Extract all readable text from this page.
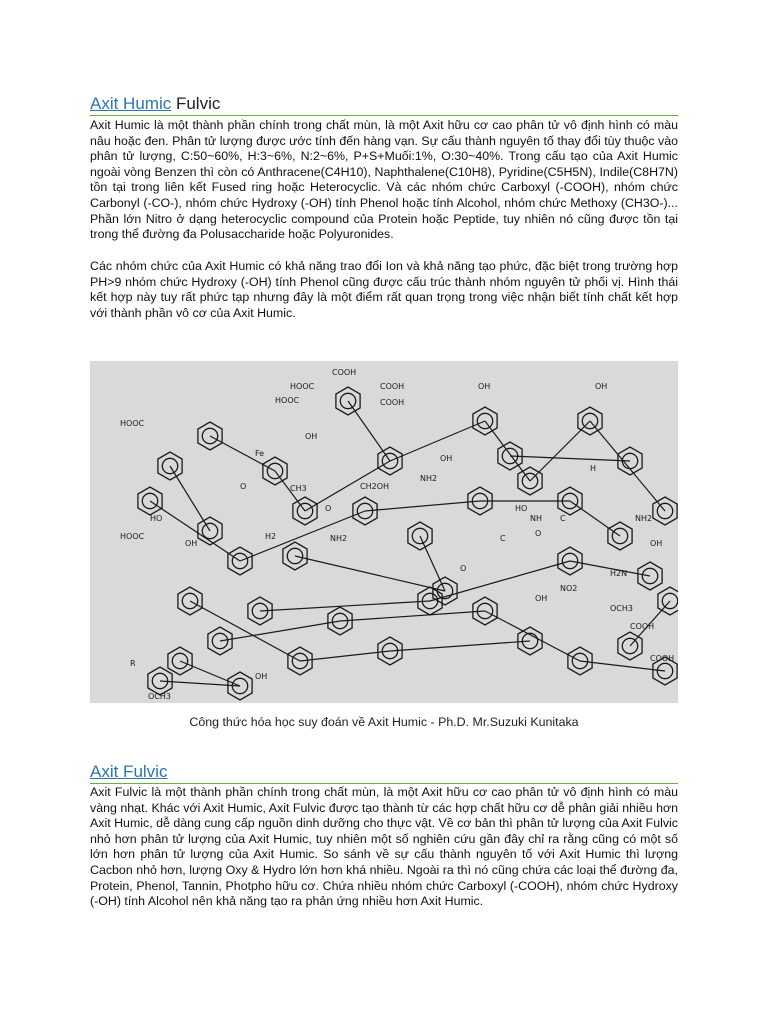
Axit Humic Fulvic

Axit Humic là một thành phần chính trong chất mùn, là một Axit hữu cơ cao phân tử vô định hình có màu nâu hoặc đen. Phân tử lượng được ước tính đến hàng vạn. Sự cấu thành nguyên tố thay đổi tùy thuộc vào phân tử lượng, C:50~60%, H:3~6%, N:2~6%, P+S+Muối:1%, O:30~40%. Trong cấu tạo của Axit Humic ngoài vòng Benzen thì còn có Anthracene(C4H10), Naphthalene(C10H8), Pyridine(C5H5N), Indile(C8H7N) tồn tại trong liên kết Fused ring hoặc Heterocyclic. Và các nhóm chức Carboxyl (-COOH), nhóm chức Carbonyl (-CO-), nhóm chức Hydroxy (-OH) tính Phenol hoặc tính Alcohol, nhóm chức Methoxy (CH3O-)... Phần lớn Nitro ở dạng heterocyclic compound của Protein hoặc Peptide, tuy nhiên nó cũng được tồn tại trong thể đường đa Polusaccharide hoặc Polyuronides.

Các nhóm chức của Axit Humic có khả năng trao đổi Ion và khả năng tạo phức, đặc biệt trong trường hợp PH>9 nhóm chức Hydroxy (-OH) tính Phenol cũng được cấu trúc thành nhóm nguyên tử phối vị. Hình thái kết hợp này tuy rất phức tạp nhưng đây là một điểm rất quan trọng trong việc nhận biết tính chất kết hợp với thành phần vô cơ của Axit Humic.

COOH
HOOC	COOH
HOOC	COOH
OH	OH
HOOC
Fe
OH
O
HO
OH
CH3
O
NH2
CH2OH
NH2
OH
HO
O
H
C
NH
HOOC	H2	C
O
NH2
OCH3
OH
NO2
OH
COOH
OCH3
R
OH
COOH
H2N
Công thức hóa học suy đoán về Axit Humic - Ph.D. Mr.Suzuki Kunitaka
Axit Fulvic

Axit Fulvic là một thành phần chính trong chất mùn, là một Axit hữu cơ cao phân tử vô định hình có màu vàng nhạt. Khác với Axit Humic, Axit Fulvic được tạo thành từ các hợp chất hữu cơ dễ phân giải nhiều hơn Axit Humic, dễ dàng cung cấp nguồn dinh dưỡng cho thực vật. Về cơ bản thì phân tử lượng của Axit Fulvic nhỏ hơn phân tử lượng của Axit Humic, tuy nhiên một số nghiên cứu gần đây chỉ ra rằng cũng có một số lớn hơn phân tử lượng của Axit Humic. So sánh về sự cấu thành nguyên tố với Axit Humic thì lượng Cacbon nhỏ hơn, lượng Oxy & Hydro lớn hơn khá nhiều. Ngoài ra thì nó cũng chứa các loại thể đường đa, Protein, Phenol, Tannin, Photpho hữu cơ. Chứa nhiều nhóm chức Carboxyl (-COOH), nhóm chức Hydroxy (-OH) tính Alcohol nên khả năng tạo ra phản ứng nhiều hơn Axit Humic.
